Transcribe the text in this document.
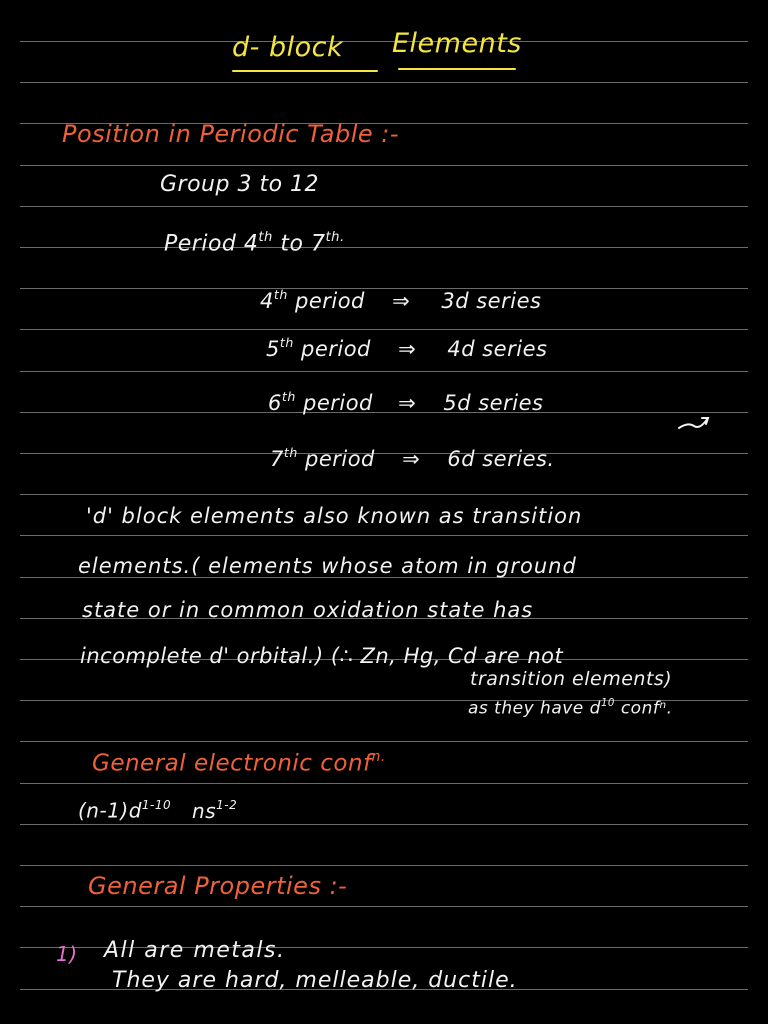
d- block Elements
Position in Periodic Table :-
Group 3 to 12
Period 4th to $7^{th.}$
4th period ⇒ 3d series
5th period ⇒ 4d series
6th period ⇒ 5d series
7th period ⇒ 6d series.
'd' block elements also known as transition
elements.( elements whose atom in ground
state or in common oxidation state has
incomplete d' orbital.) (∴ Zn, Hg, Cd are not
transition elements)
as they have $d^{10}$ confⁿ.
General electronic conf$^{n.}$
$(n-1)d^{1-10}$ $ns^{1-2}$
General Properties :-
1) All are metals.
They are hard, melleable, ductile.
